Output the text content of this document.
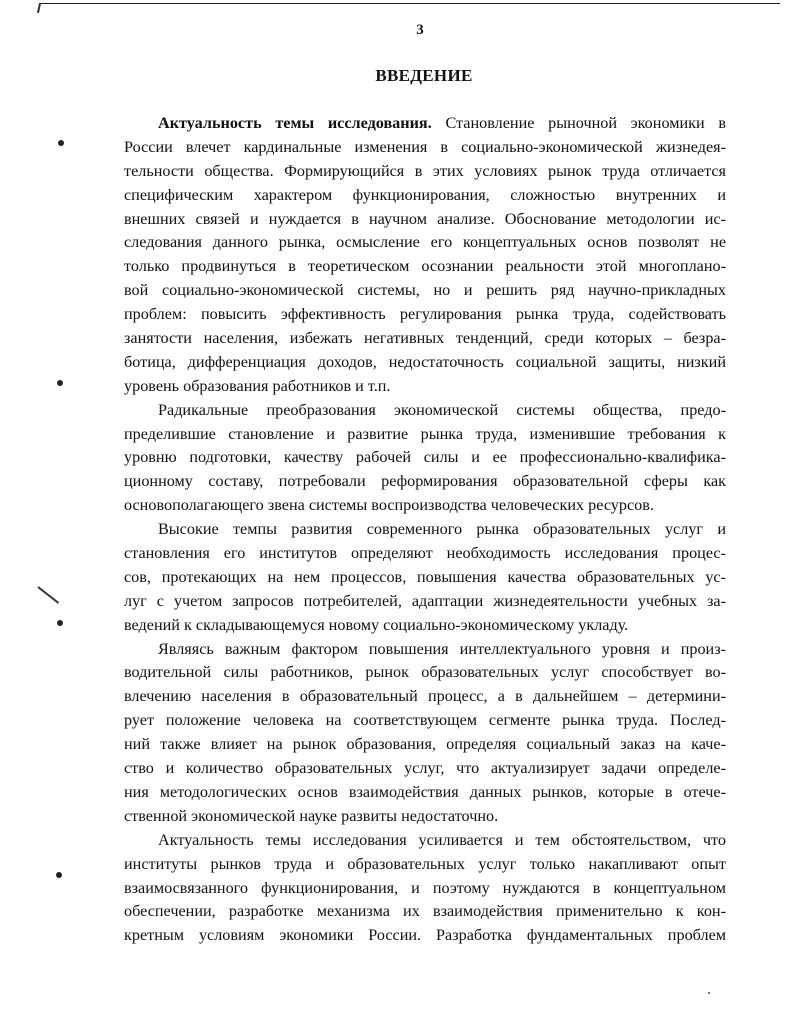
3
ВВЕДЕНИЕ
Актуальность темы исследования. Становление рыночной экономики в
России влечет кардинальные изменения в социально-экономической жизнедея-
тельности общества. Формирующийся в этих условиях рынок труда отличается
специфическим характером функционирования, сложностью внутренних и
внешних связей и нуждается в научном анализе. Обоснование методологии ис-
следования данного рынка, осмысление его концептуальных основ позволят не
только продвинуться в теоретическом осознании реальности этой многоплано-
вой социально-экономической системы, но и решить ряд научно-прикладных
проблем: повысить эффективность регулирования рынка труда, содействовать
занятости населения, избежать негативных тенденций, среди которых – безра-
ботица, дифференциация доходов, недостаточность социальной защиты, низкий
уровень образования работников и т.п.
Радикальные преобразования экономической системы общества, предо-
пределившие становление и развитие рынка труда, изменившие требования к
уровню подготовки, качеству рабочей силы и ее профессионально-квалифика-
ционному составу, потребовали реформирования образовательной сферы как
основополагающего звена системы воспроизводства человеческих ресурсов.
Высокие темпы развития современного рынка образовательных услуг и
становления его институтов определяют необходимость исследования процес-
сов, протекающих на нем процессов, повышения качества образовательных ус-
луг с учетом запросов потребителей, адаптации жизнедеятельности учебных за-
ведений к складывающемуся новому социально-экономическому укладу.
Являясь важным фактором повышения интеллектуального уровня и произ-
водительной силы работников, рынок образовательных услуг способствует во-
влечению населения в образовательный процесс, а в дальнейшем – детермини-
рует положение человека на соответствующем сегменте рынка труда. Послед-
ний также влияет на рынок образования, определяя социальный заказ на каче-
ство и количество образовательных услуг, что актуализирует задачи определе-
ния методологических основ взаимодействия данных рынков, которые в отече-
ственной экономической науке развиты недостаточно.
Актуальность темы исследования усиливается и тем обстоятельством, что
институты рынков труда и образовательных услуг только накапливают опыт
взаимосвязанного функционирования, и поэтому нуждаются в концептуальном
обеспечении, разработке механизма их взаимодействия применительно к кон-
кретным условиям экономики России. Разработка фундаментальных проблем
